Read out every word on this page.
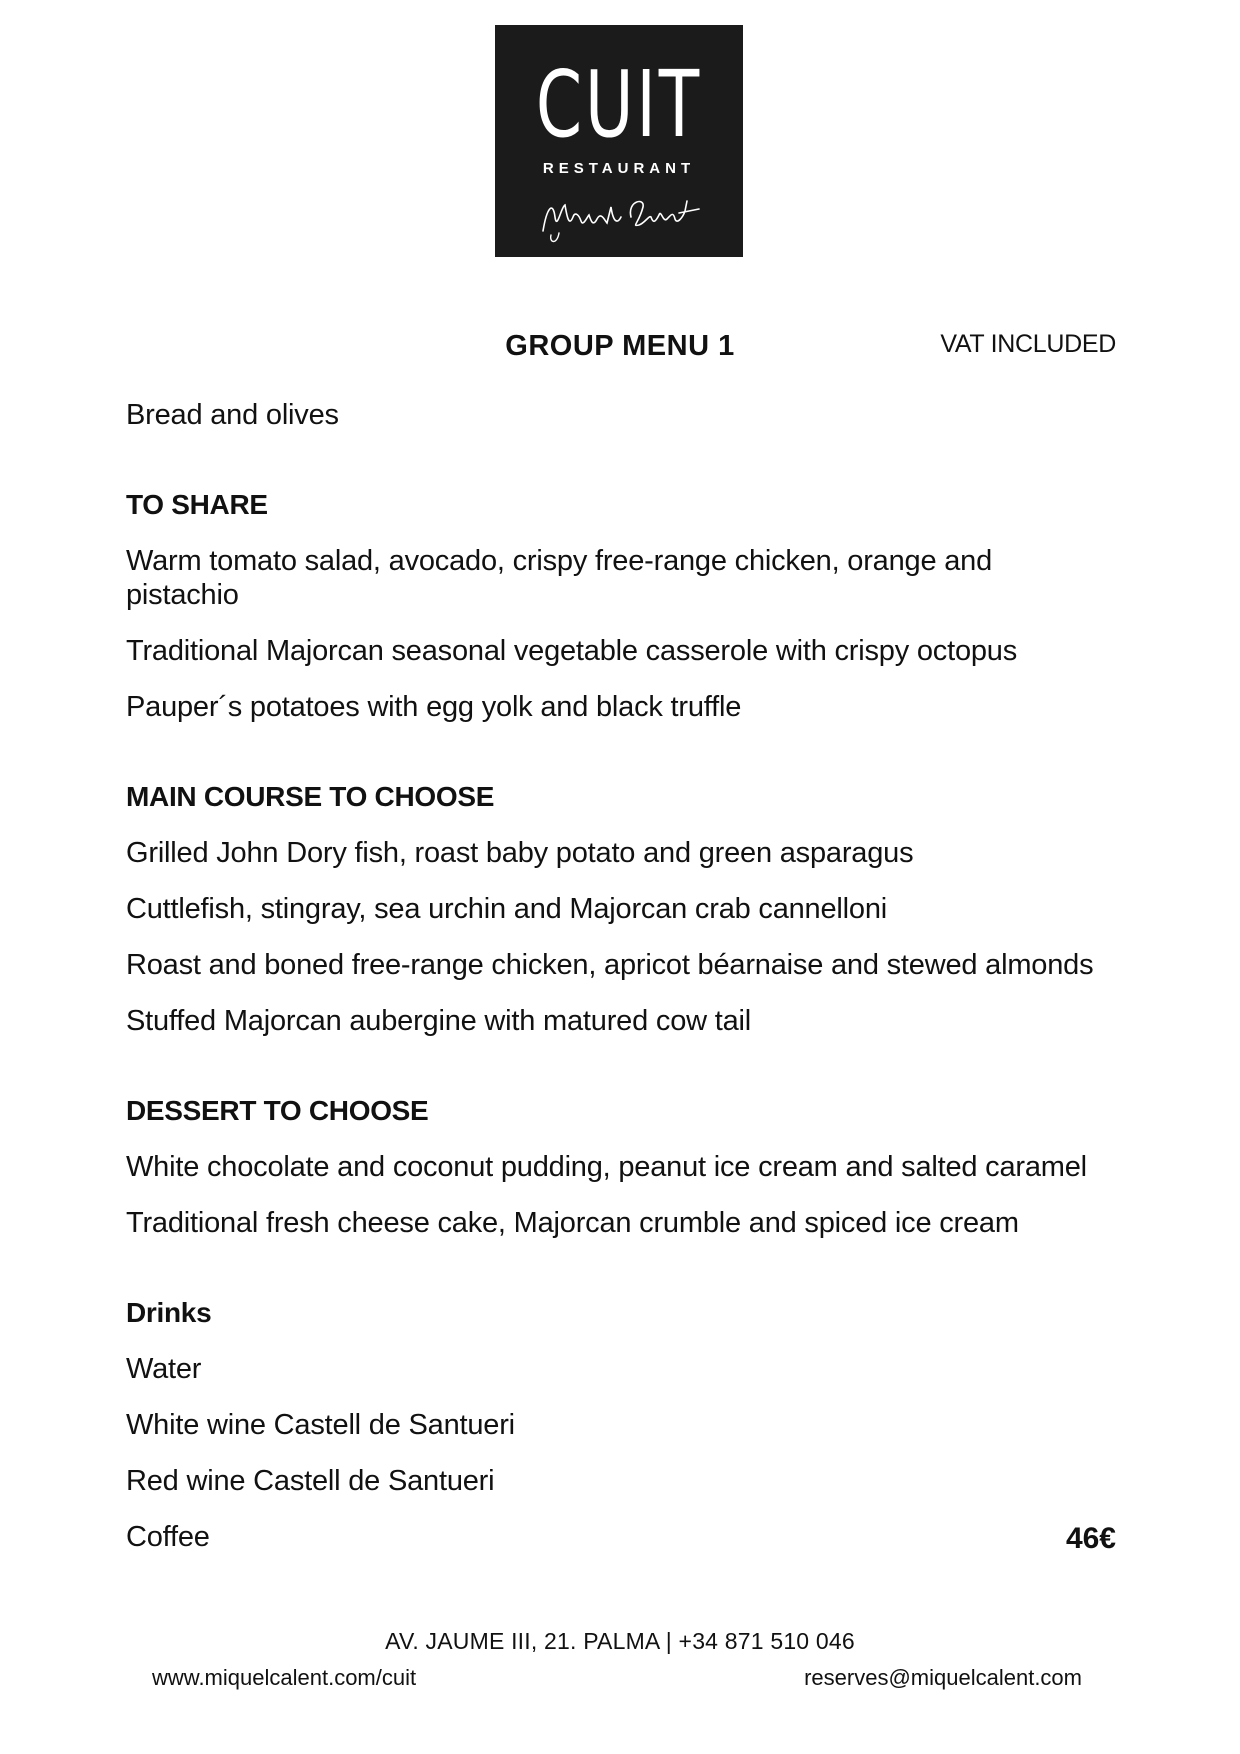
CUIT
RESTAURANT
GROUP MENU 1	VAT INCLUDED
Bread and olives
TO SHARE
Warm tomato salad, avocado, crispy free-range chicken, orange and pistachio
Traditional Majorcan seasonal vegetable casserole with crispy octopus
Pauper´s potatoes with egg yolk and black truffle
MAIN COURSE TO CHOOSE
Grilled John Dory fish, roast baby potato and green asparagus
Cuttlefish, stingray, sea urchin and Majorcan crab cannelloni
Roast and boned free-range chicken, apricot béarnaise and stewed almonds
Stuffed Majorcan aubergine with matured cow tail
DESSERT TO CHOOSE
White chocolate and coconut pudding, peanut ice cream and salted caramel
Traditional fresh cheese cake, Majorcan crumble and spiced ice cream
Drinks
Water
White wine Castell de Santueri
Red wine Castell de Santueri
Coffee	46€
AV. JAUME III, 21. PALMA | +34 871 510 046
www.miquelcalent.com/cuit	reserves@miquelcalent.com
